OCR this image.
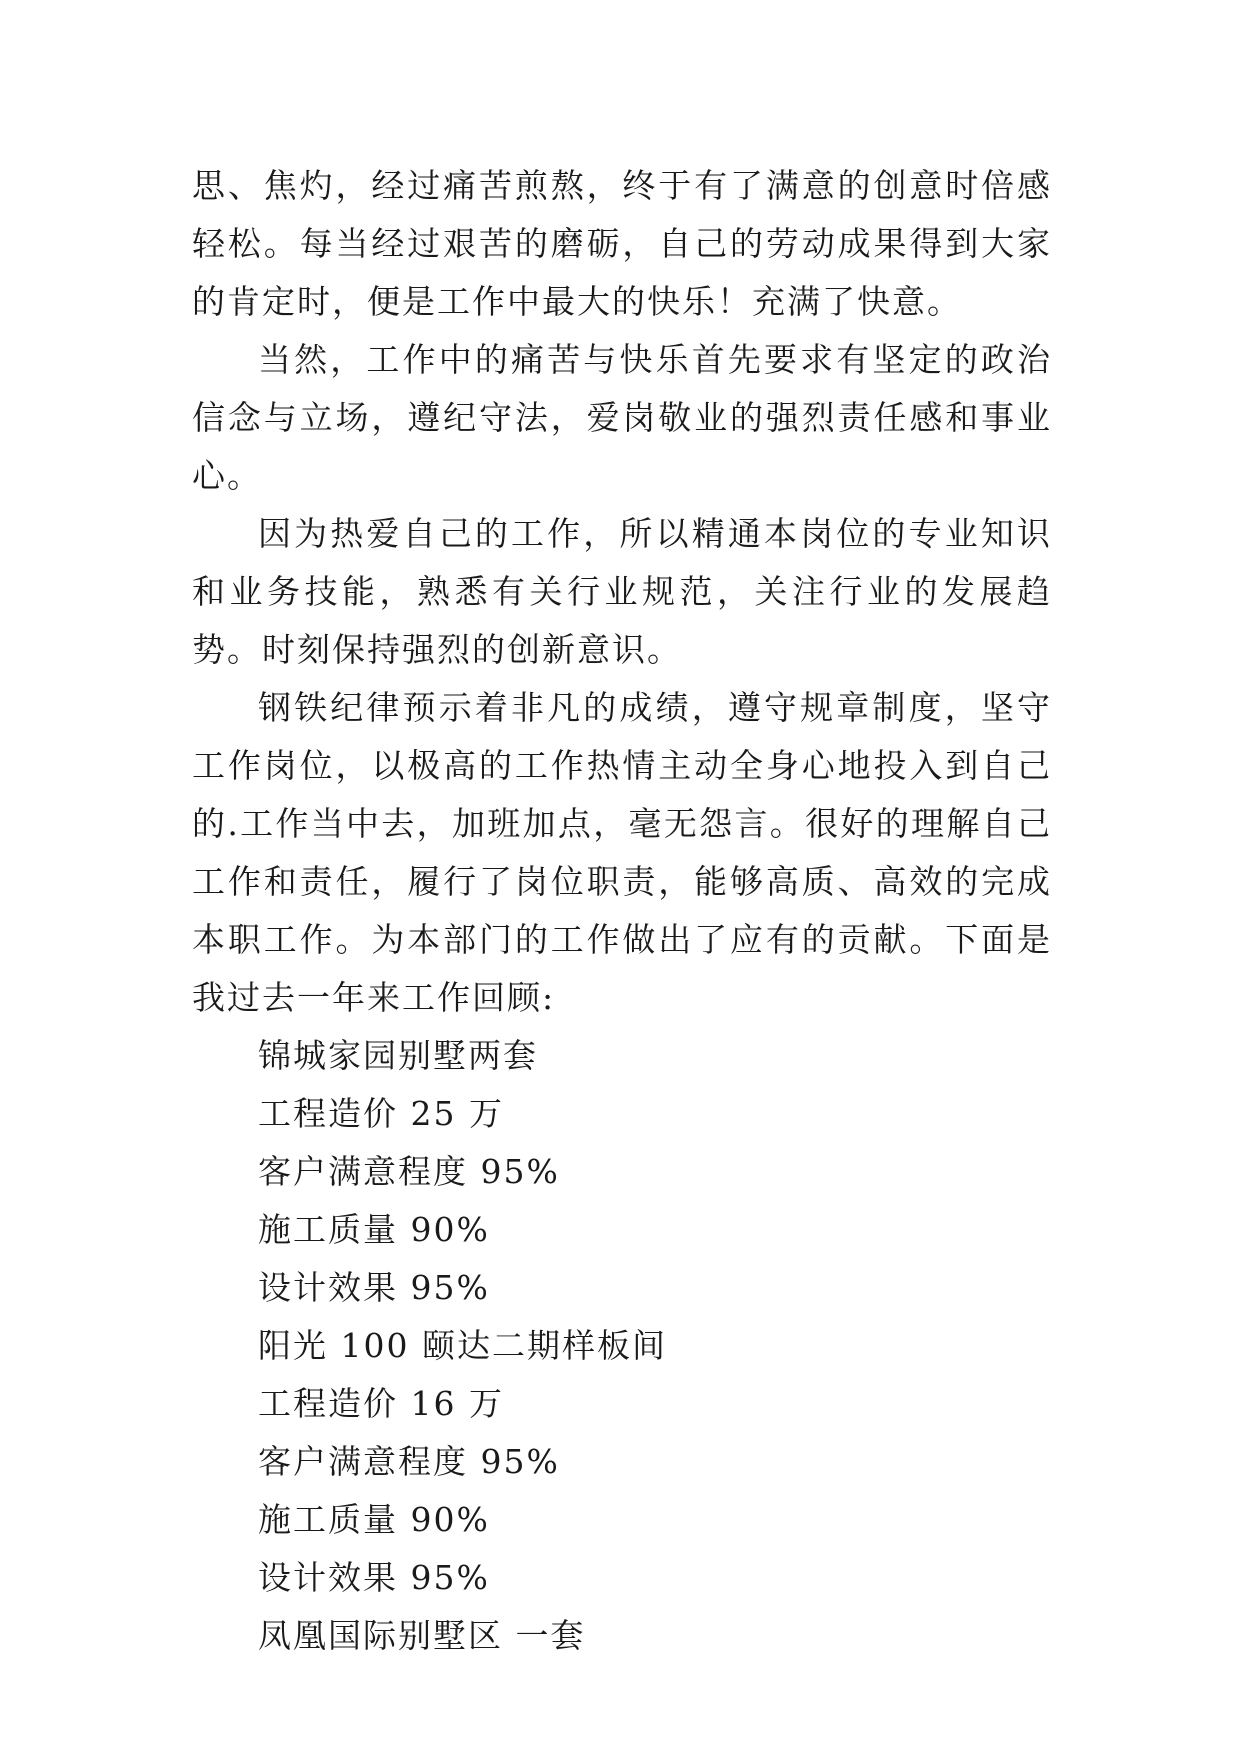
思、焦灼，经过痛苦煎熬，终于有了满意的创意时倍感轻松。每当经过艰苦的磨砺，自己的劳动成果得到大家的肯定时，便是工作中最大的快乐！充满了快意。

当然，工作中的痛苦与快乐首先要求有坚定的政治信念与立场，遵纪守法，爱岗敬业的强烈责任感和事业心。

因为热爱自己的工作，所以精通本岗位的专业知识和业务技能，熟悉有关行业规范，关注行业的发展趋势。时刻保持强烈的创新意识。

钢铁纪律预示着非凡的成绩，遵守规章制度，坚守工作岗位，以极高的工作热情主动全身心地投入到自己的.工作当中去，加班加点，毫无怨言。很好的理解自己工作和责任，履行了岗位职责，能够高质、高效的完成本职工作。为本部门的工作做出了应有的贡献。下面是我过去一年来工作回顾:

锦城家园别墅两套
工程造价 25 万
客户满意程度 95%
施工质量 90%
设计效果 95%
阳光 100 颐达二期样板间
工程造价 16 万
客户满意程度 95%
施工质量 90%
设计效果 95%
凤凰国际别墅区 一套
